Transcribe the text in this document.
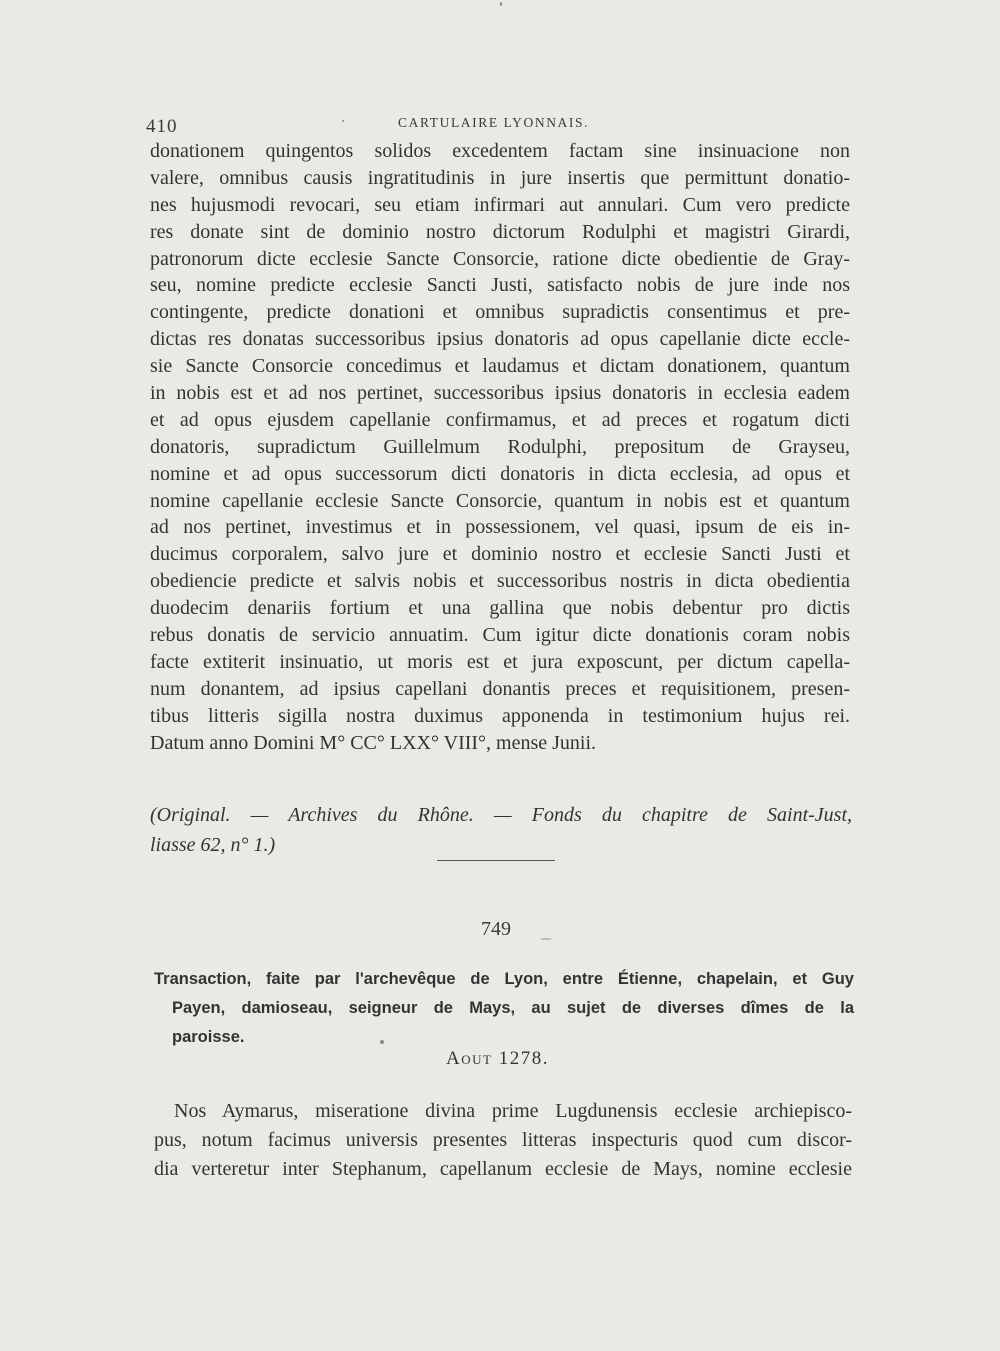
410	CARTULAIRE LYONNAIS.
donationem quingentos solidos excedentem factam sine insinuacione non
valere, omnibus causis ingratitudinis in jure insertis que permittunt donatio-
nes hujusmodi revocari, seu etiam infirmari aut annulari. Cum vero predicte
res donate sint de dominio nostro dictorum Rodulphi et magistri Girardi,
patronorum dicte ecclesie Sancte Consorcie, ratione dicte obedientie de Gray-
seu, nomine predicte ecclesie Sancti Justi, satisfacto nobis de jure inde nos
contingente, predicte donationi et omnibus supradictis consentimus et pre-
dictas res donatas successoribus ipsius donatoris ad opus capellanie dicte eccle-
sie Sancte Consorcie concedimus et laudamus et dictam donationem, quantum
in nobis est et ad nos pertinet, successoribus ipsius donatoris in ecclesia eadem
et ad opus ejusdem capellanie confirmamus, et ad preces et rogatum dicti
donatoris, supradictum Guillelmum Rodulphi, prepositum de Grayseu,
nomine et ad opus successorum dicti donatoris in dicta ecclesia, ad opus et
nomine capellanie ecclesie Sancte Consorcie, quantum in nobis est et quantum
ad nos pertinet, investimus et in possessionem, vel quasi, ipsum de eis in-
ducimus corporalem, salvo jure et dominio nostro et ecclesie Sancti Justi et
obediencie predicte et salvis nobis et successoribus nostris in dicta obedientia
duodecim denariis fortium et una gallina que nobis debentur pro dictis
rebus donatis de servicio annuatim. Cum igitur dicte donationis coram nobis
facte extiterit insinuatio, ut moris est et jura exposcunt, per dictum capella-
num donantem, ad ipsius capellani donantis preces et requisitionem, presen-
tibus litteris sigilla nostra duximus apponenda in testimonium hujus rei.
Datum anno Domini M° CC° LXX° VIII°, mense Junii.
(Original. — Archives du Rhône. — Fonds du chapitre de Saint-Just,
liasse 62, n° 1.)
749
Transaction, faite par l'archevêque de Lyon, entre Étienne, chapelain, et Guy
Payen, damioseau, seigneur de Mays, au sujet de diverses dîmes de la
paroisse.
Aout 1278.
Nos Aymarus, miseratione divina prime Lugdunensis ecclesie archiepisco-
pus, notum facimus universis presentes litteras inspecturis quod cum discor-
dia verteretur inter Stephanum, capellanum ecclesie de Mays, nomine ecclesie
